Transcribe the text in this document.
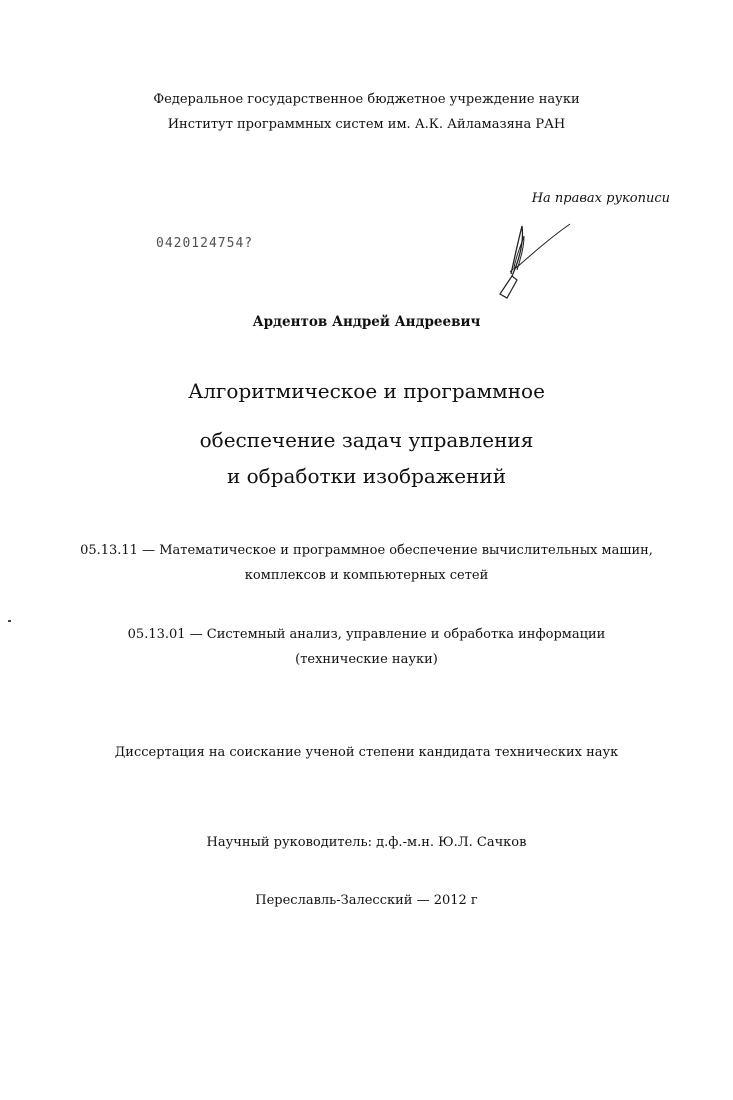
Федеральное государственное бюджетное учреждение науки
Институт программных систем им. А.К. Айламазяна РАН
На правах рукописи
0420124754?
Ардентов Андрей Андреевич
Алгоритмическое и программное
обеспечение задач управления
и обработки изображений
05.13.11 — Математическое и программное обеспечение вычислительных машин,
комплексов и компьютерных сетей
05.13.01 — Системный анализ, управление и обработка информации
(технические науки)
Диссертация на соискание ученой степени кандидата технических наук
Научный руководитель: д.ф.-м.н. Ю.Л. Сачков
Переславль-Залесский — 2012 г
